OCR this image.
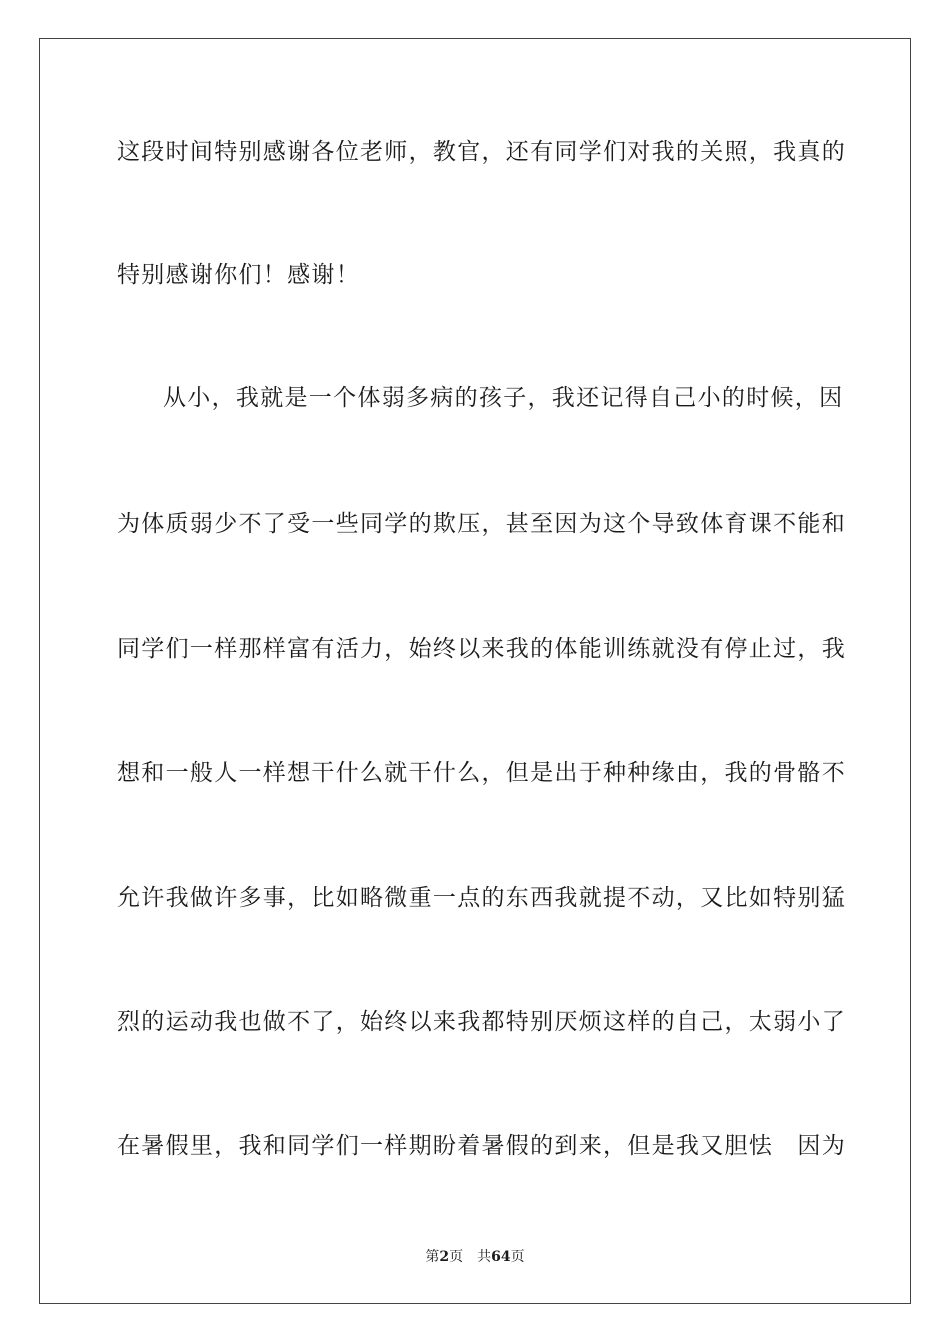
这段时间特别感谢各位老师，教官，还有同学们对我的关照，我真的
特别感谢你们！感谢！
从小，我就是一个体弱多病的孩子，我还记得自己小的时候，因
为体质弱少不了受一些同学的欺压，甚至因为这个导致体育课不能和
同学们一样那样富有活力，始终以来我的体能训练就没有停止过，我
想和一般人一样想干什么就干什么，但是出于种种缘由，我的骨骼不
允许我做许多事，比如略微重一点的东西我就提不动，又比如特别猛
烈的运动我也做不了，始终以来我都特别厌烦这样的自己，太弱小了
在暑假里，我和同学们一样期盼着暑假的到来，但是我又胆怯　因为
第2页 共64页
